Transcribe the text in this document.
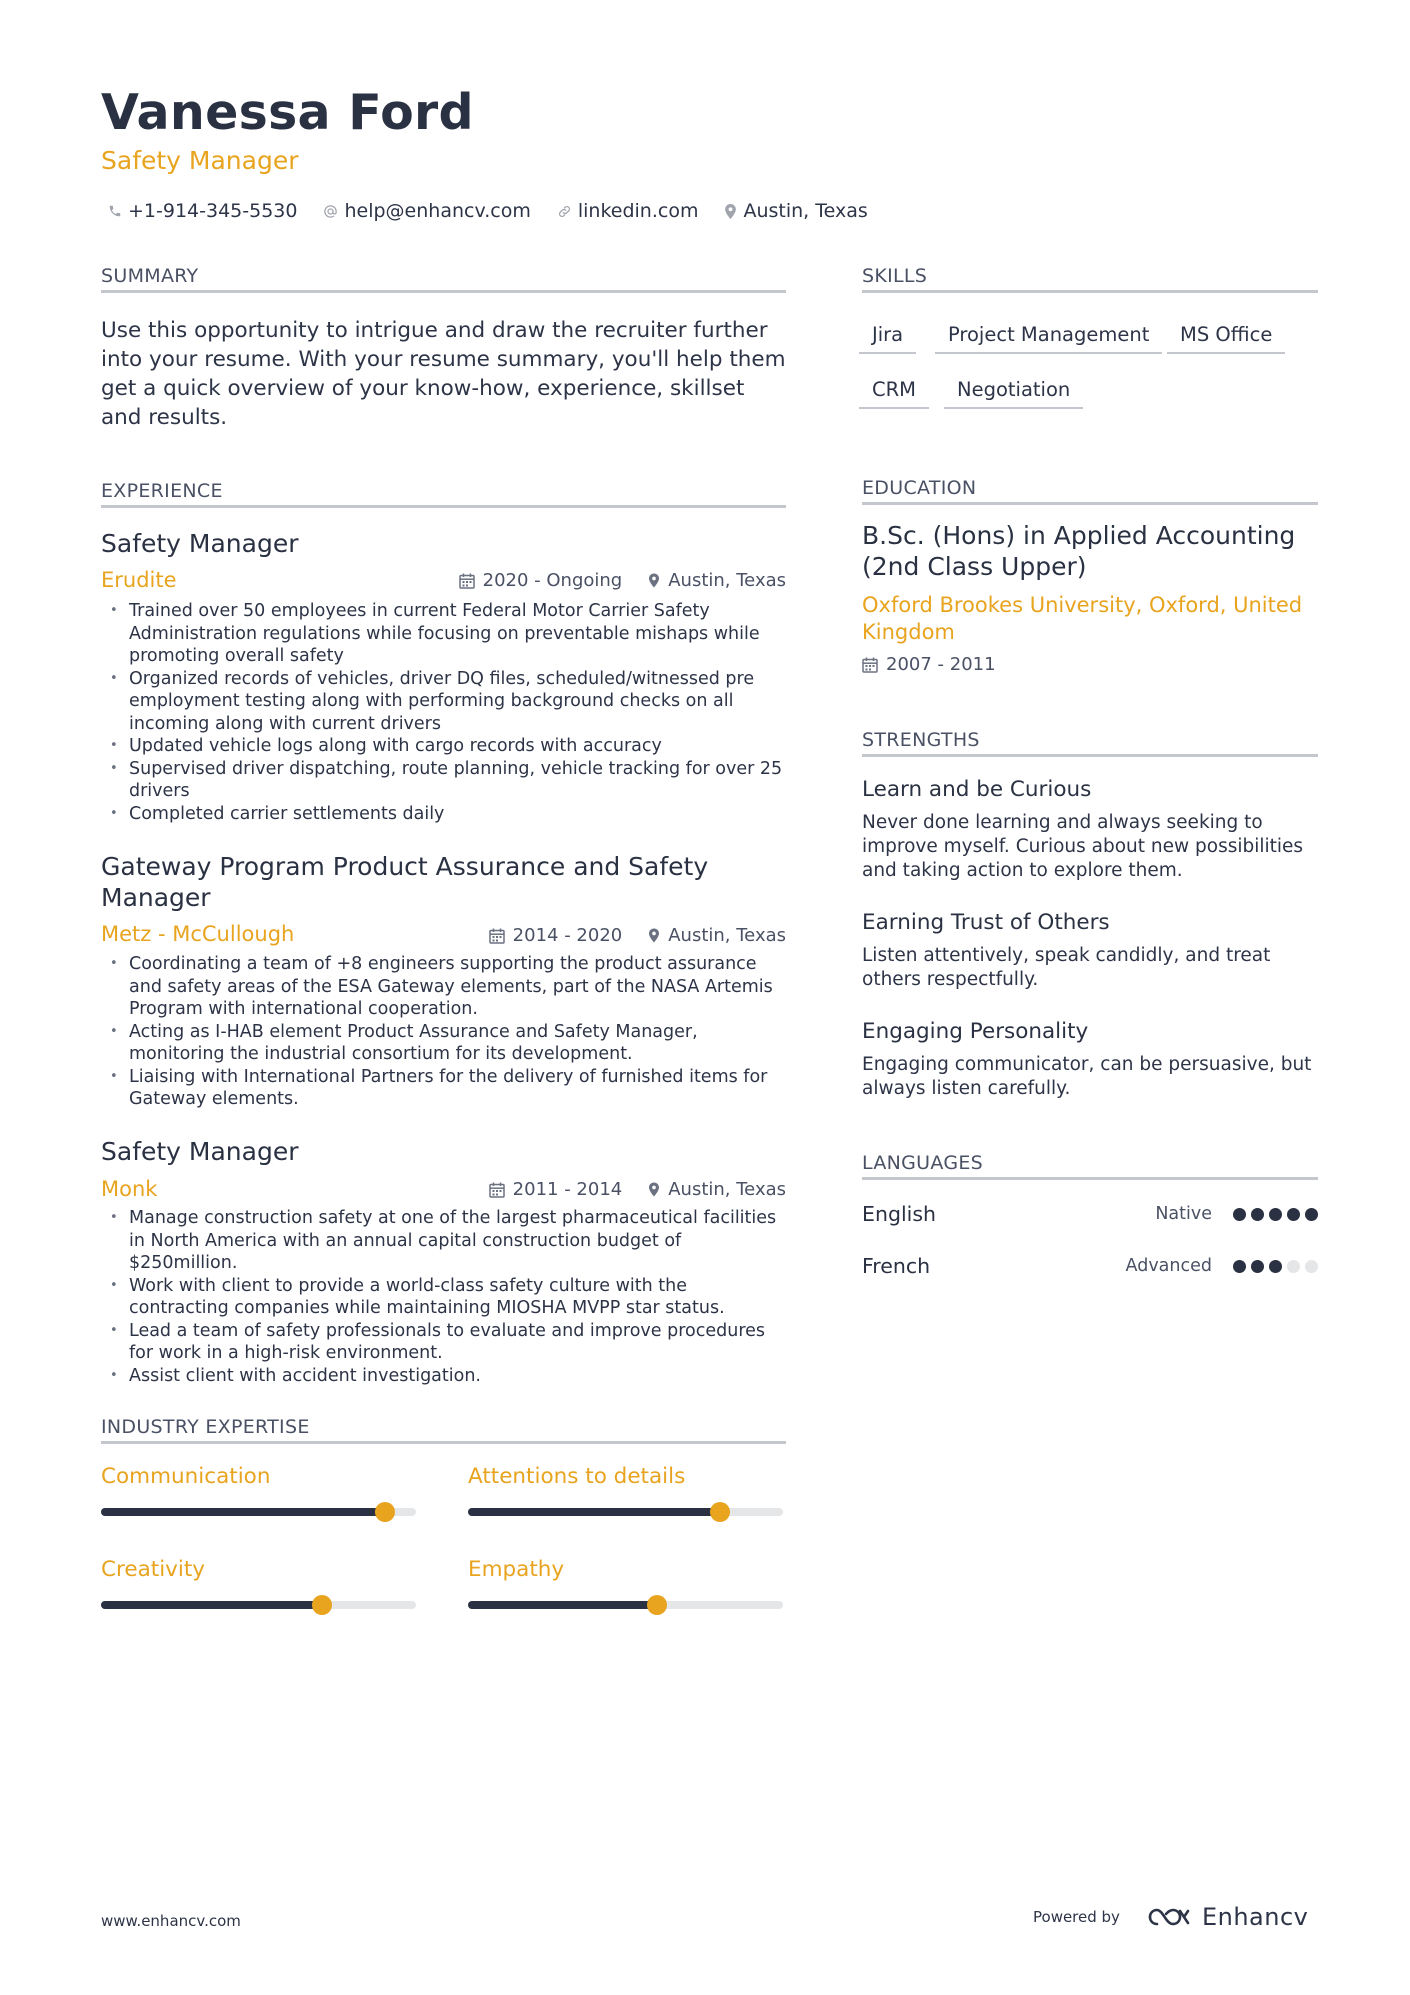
Vanessa Ford
Safety Manager
+1-914-345-5530 help@enhancv.com linkedin.com Austin, Texas
SUMMARY
Use this opportunity to intrigue and draw the recruiter further into your resume. With your resume summary, you'll help them get a quick overview of your know-how, experience, skillset and results.
EXPERIENCE
Safety Manager
Erudite	2020 - Ongoing	Austin, Texas
• Trained over 50 employees in current Federal Motor Carrier Safety Administration regulations while focusing on preventable mishaps while promoting overall safety
• Organized records of vehicles, driver DQ files, scheduled/witnessed pre employment testing along with performing background checks on all incoming along with current drivers
• Updated vehicle logs along with cargo records with accuracy
• Supervised driver dispatching, route planning, vehicle tracking for over 25 drivers
• Completed carrier settlements daily
Gateway Program Product Assurance and Safety Manager
Metz - McCullough	2014 - 2020	Austin, Texas
• Coordinating a team of +8 engineers supporting the product assurance and safety areas of the ESA Gateway elements, part of the NASA Artemis Program with international cooperation.
• Acting as I-HAB element Product Assurance and Safety Manager, monitoring the industrial consortium for its development.
• Liaising with International Partners for the delivery of furnished items for Gateway elements.
Safety Manager
Monk	2011 - 2014	Austin, Texas
• Manage construction safety at one of the largest pharmaceutical facilities in North America with an annual capital construction budget of $250million.
• Work with client to provide a world-class safety culture with the contracting companies while maintaining MIOSHA MVPP star status.
• Lead a team of safety professionals to evaluate and improve procedures for work in a high-risk environment.
• Assist client with accident investigation.
INDUSTRY EXPERTISE
Communication	Attentions to details
Creativity	Empathy
SKILLS
Jira	Project Management	MS Office
CRM	Negotiation
EDUCATION
B.Sc. (Hons) in Applied Accounting (2nd Class Upper)
Oxford Brookes University, Oxford, United Kingdom
2007 - 2011
STRENGTHS
Learn and be Curious
Never done learning and always seeking to improve myself. Curious about new possibilities and taking action to explore them.
Earning Trust of Others
Listen attentively, speak candidly, and treat others respectfully.
Engaging Personality
Engaging communicator, can be persuasive, but always listen carefully.
LANGUAGES
English	Native
French	Advanced
www.enhancv.com	Powered by	Enhancv
